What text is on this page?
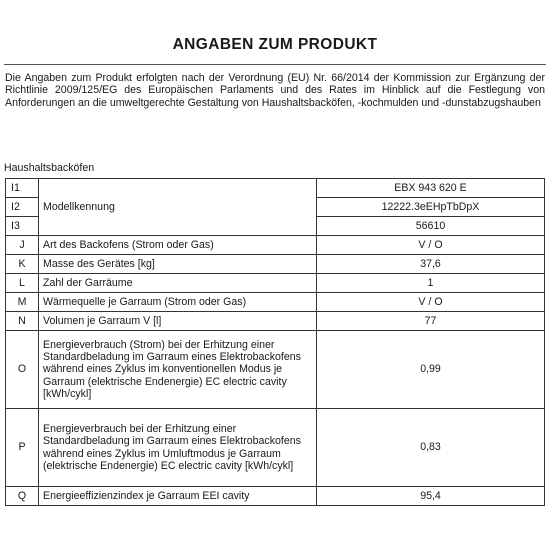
ANGABEN ZUM PRODUKT

Die Angaben zum Produkt erfolgten nach der Verordnung (EU) Nr. 66/2014 der Kommission zur Ergänzung der Richtlinie 2009/125/EG des Europäischen Parlaments und des Rates im Hinblick auf die Festlegung von Anforderungen an die umweltgerechte Gestaltung von Haushaltsbacköfen, -kochmulden und -dunstabzugshauben

Haushaltsbacköfen
I1	Modellkennung	EBX 943 620 E
I2		12222.3eEHpTbDpX
I3		56610
J	Art des Backofens (Strom oder Gas)	V / O
K	Masse des Gerätes [kg]	37,6
L	Zahl der Garräume	1
M	Wärmequelle je Garraum (Strom oder Gas)	V / O
N	Volumen je Garraum V [l]	77
O	Energieverbrauch (Strom) bei der Erhitzung einer Standardbeladung im Garraum eines Elektrobackofens während eines Zyklus im konventionellen Modus je Garraum (elektrische Endenergie) EC electric cavity [kWh/cykl]	0,99
P	Energieverbrauch bei der Erhitzung einer Standardbeladung im Garraum eines Elektrobackofens während eines Zyklus im Umluftmodus je Garraum (elektrische Endenergie) EC electric cavity [kWh/cykl]	0,83
Q	Energieeffizienzindex je Garraum EEI cavity	95,4
